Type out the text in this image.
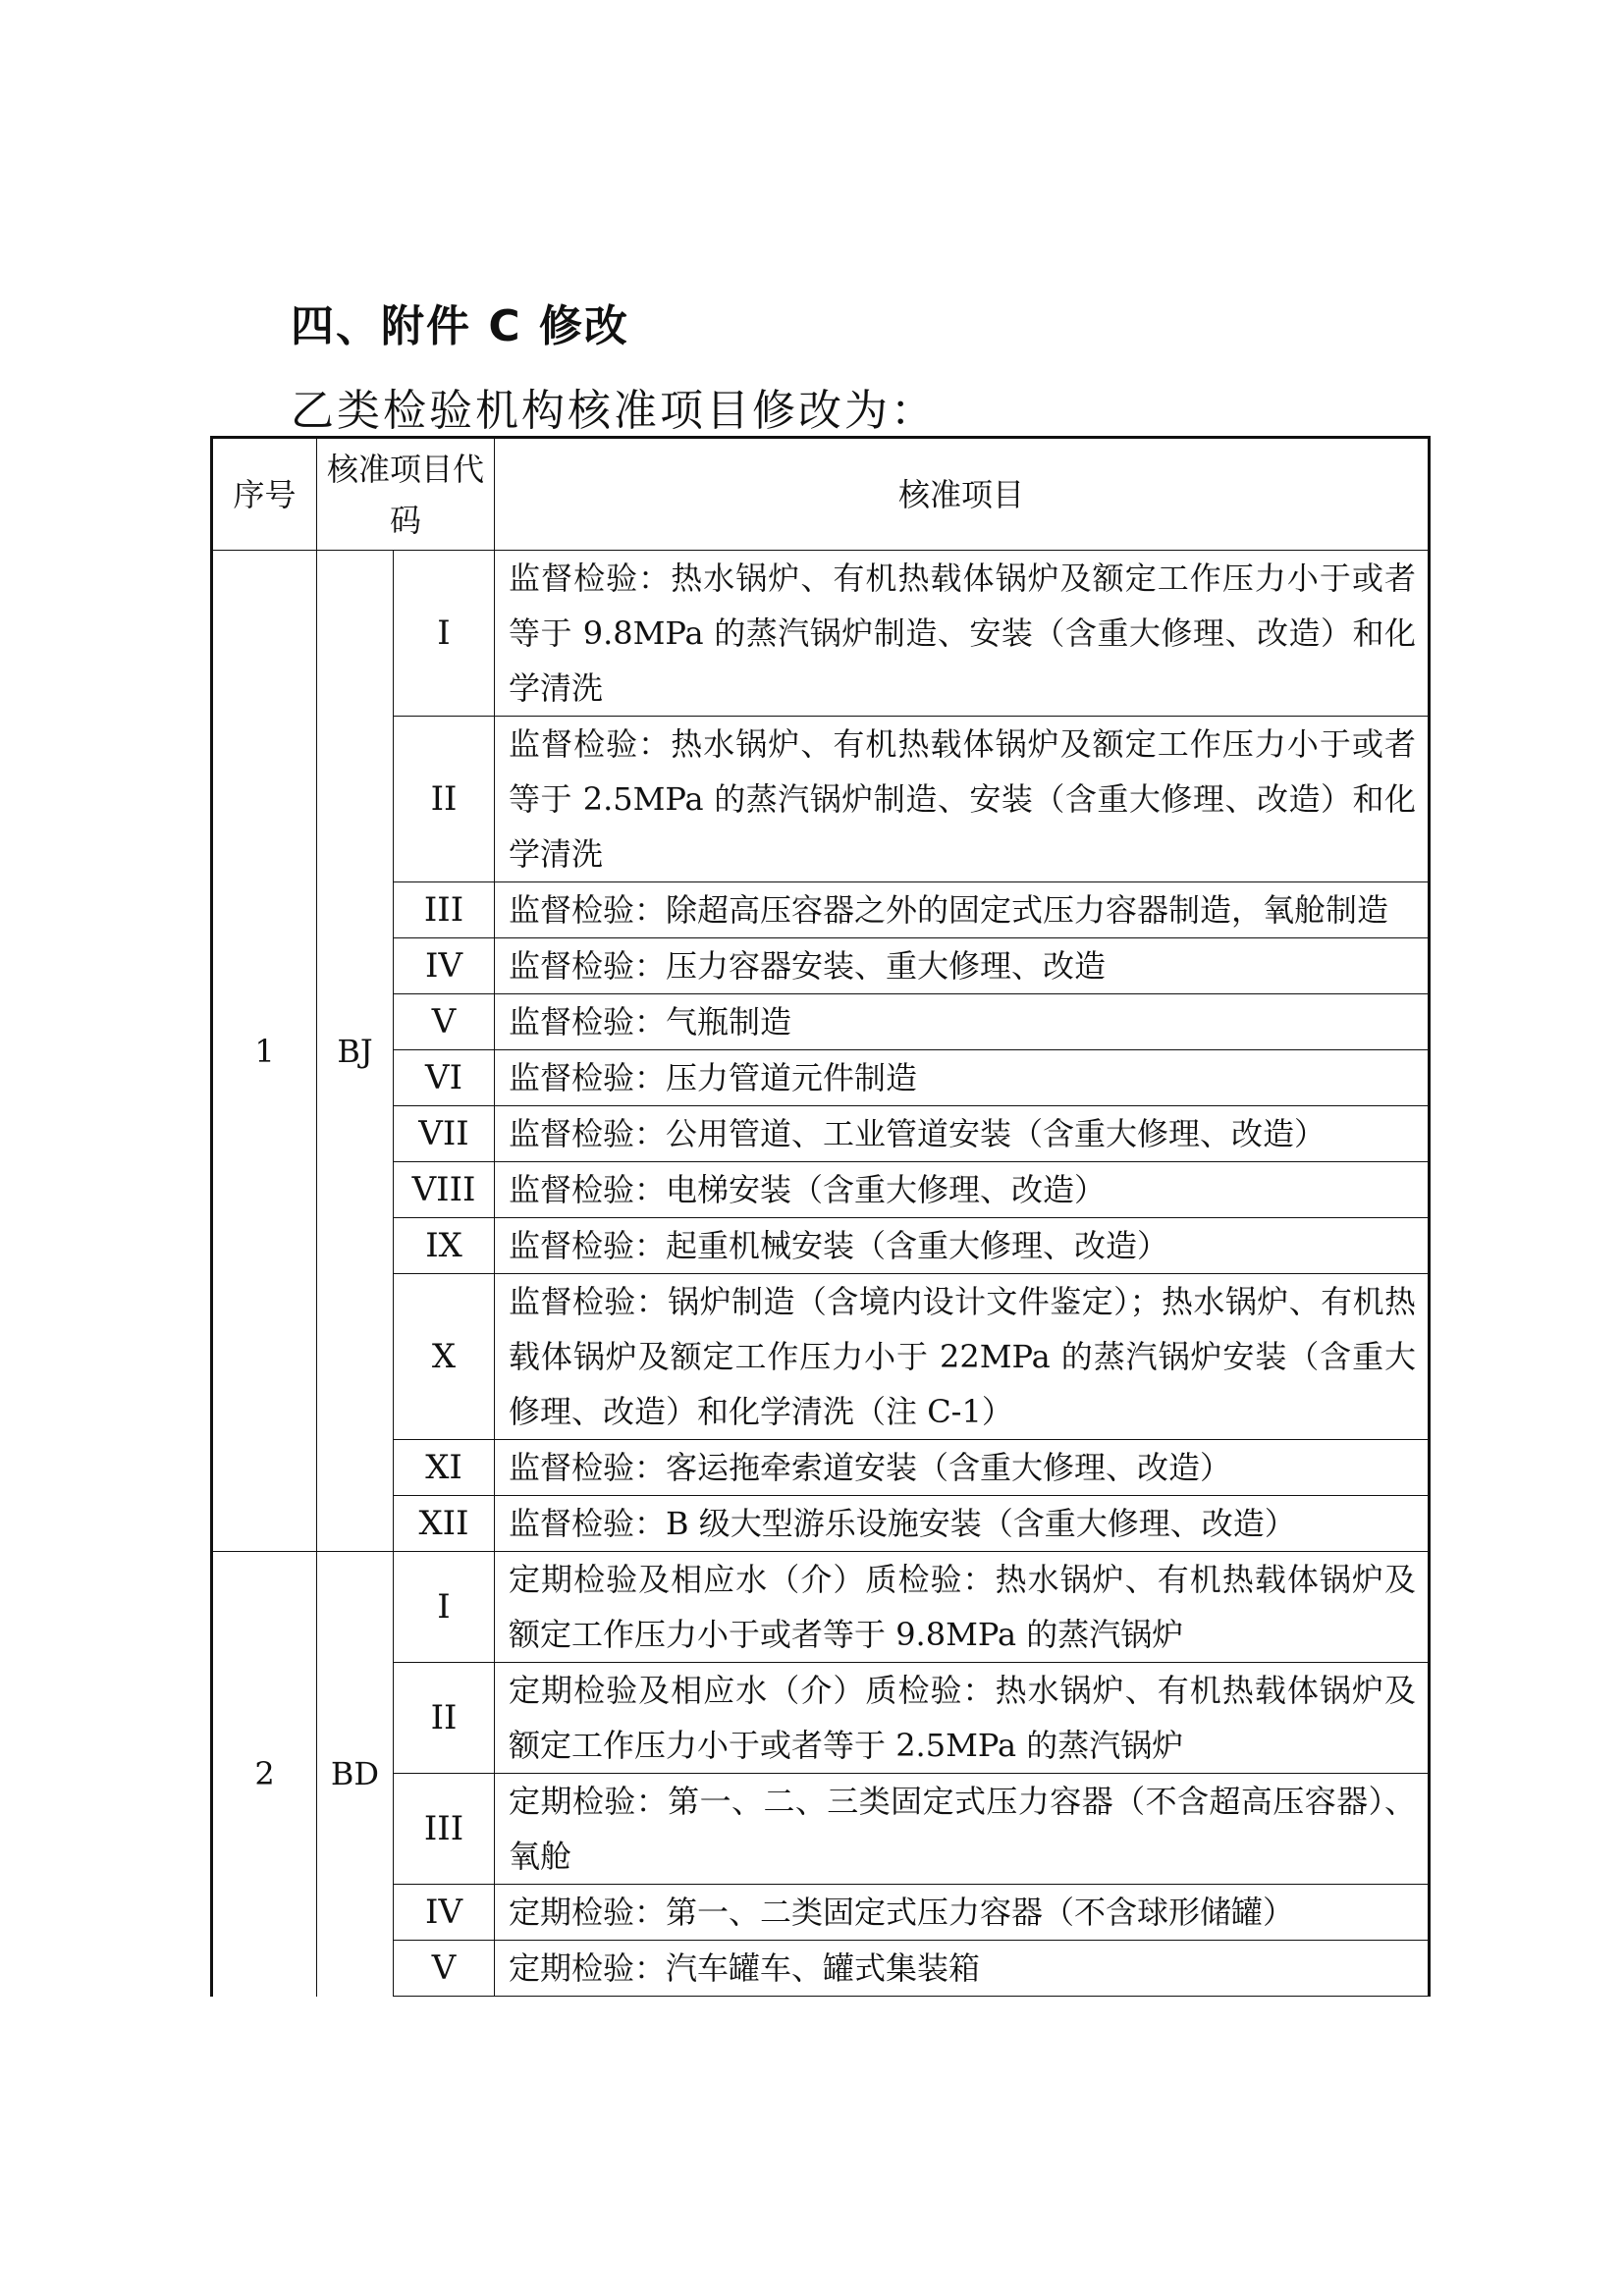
四、附件 C 修改
乙类检验机构核准项目修改为：
序号	核准项目代码		核准项目
1	BJ	I	监督检验：热水锅炉、有机热载体锅炉及额定工作压力小于或者等于 9.8MPa 的蒸汽锅炉制造、安装（含重大修理、改造）和化学清洗
		II	监督检验：热水锅炉、有机热载体锅炉及额定工作压力小于或者等于 2.5MPa 的蒸汽锅炉制造、安装（含重大修理、改造）和化学清洗
		III	监督检验：除超高压容器之外的固定式压力容器制造，氧舱制造
		IV	监督检验：压力容器安装、重大修理、改造
		V	监督检验：气瓶制造
		VI	监督检验：压力管道元件制造
		VII	监督检验：公用管道、工业管道安装（含重大修理、改造）
		VIII	监督检验：电梯安装（含重大修理、改造）
		IX	监督检验：起重机械安装（含重大修理、改造）
		X	监督检验：锅炉制造（含境内设计文件鉴定）；热水锅炉、有机热载体锅炉及额定工作压力小于 22MPa 的蒸汽锅炉安装（含重大修理、改造）和化学清洗（注 C-1）
		XI	监督检验：客运拖牵索道安装（含重大修理、改造）
		XII	监督检验：B 级大型游乐设施安装（含重大修理、改造）
2	BD	I	定期检验及相应水（介）质检验：热水锅炉、有机热载体锅炉及额定工作压力小于或者等于 9.8MPa 的蒸汽锅炉
		II	定期检验及相应水（介）质检验：热水锅炉、有机热载体锅炉及额定工作压力小于或者等于 2.5MPa 的蒸汽锅炉
		III	定期检验：第一、二、三类固定式压力容器（不含超高压容器）、氧舱
		IV	定期检验：第一、二类固定式压力容器（不含球形储罐）
		V	定期检验：汽车罐车、罐式集装箱
